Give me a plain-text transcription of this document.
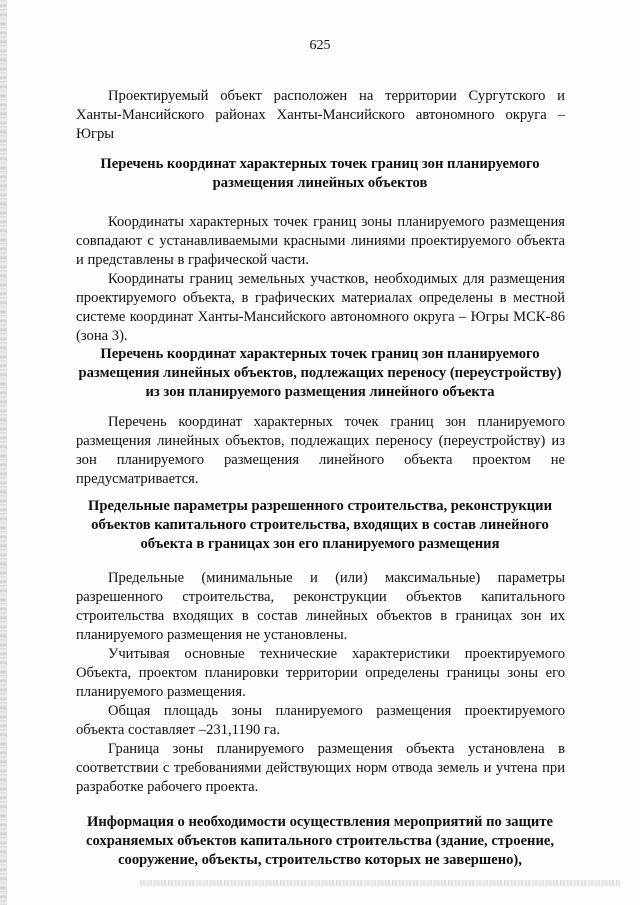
625

Проектируемый объект расположен на территории Сургутского и Ханты-Мансийского районах Ханты-Мансийского автономного округа – Югры

Перечень координат характерных точек границ зон планируемого размещения линейных объектов

Координаты характерных точек границ зоны планируемого размещения совпадают с устанавливаемыми красными линиями проектируемого объекта и представлены в графической части.

Координаты границ земельных участков, необходимых для размещения проектируемого объекта, в графических материалах определены в местной системе координат Ханты-Мансийского автономного округа – Югры МСК-86 (зона 3).

Перечень координат характерных точек границ зон планируемого размещения линейных объектов, подлежащих переносу (переустройству) из зон планируемого размещения линейного объекта

Перечень координат характерных точек границ зон планируемого размещения линейных объектов, подлежащих переносу (переустройству) из зон планируемого размещения линейного объекта проектом не предусматривается.

Предельные параметры разрешенного строительства, реконструкции объектов капитального строительства, входящих в состав линейного объекта в границах зон его планируемого размещения

Предельные (минимальные и (или) максимальные) параметры разрешенного строительства, реконструкции объектов капитального строительства входящих в состав линейных объектов в границах зон их планируемого размещения не установлены.

Учитывая основные технические характеристики проектируемого Объекта, проектом планировки территории определены границы зоны его планируемого размещения.

Общая площадь зоны планируемого размещения проектируемого объекта составляет –231,1190 га.

Граница зоны планируемого размещения объекта установлена в соответствии с требованиями действующих норм отвода земель и учтена при разработке рабочего проекта.

Информация о необходимости осуществления мероприятий по защите сохраняемых объектов капитального строительства (здание, строение, сооружение, объекты, строительство которых не завершено),
